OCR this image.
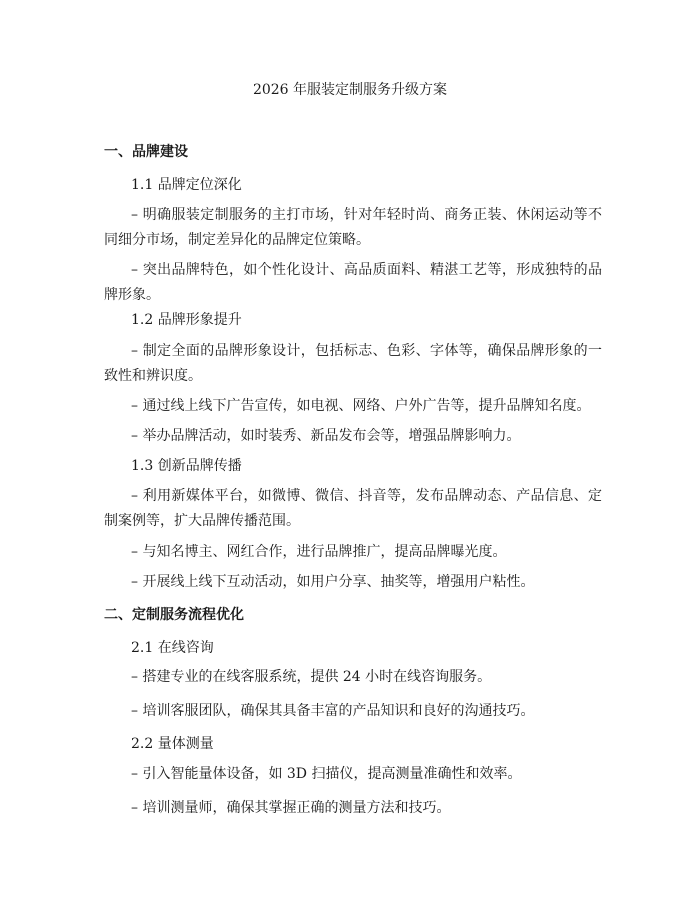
2026 年服装定制服务升级方案
一、品牌建设
1.1 品牌定位深化
– 明确服装定制服务的主打市场，针对年轻时尚、商务正装、休闲运动等不同细分市场，制定差异化的品牌定位策略。
– 突出品牌特色，如个性化设计、高品质面料、精湛工艺等，形成独特的品牌形象。
1.2 品牌形象提升
– 制定全面的品牌形象设计，包括标志、色彩、字体等，确保品牌形象的一致性和辨识度。
– 通过线上线下广告宣传，如电视、网络、户外广告等，提升品牌知名度。
– 举办品牌活动，如时装秀、新品发布会等，增强品牌影响力。
1.3 创新品牌传播
– 利用新媒体平台，如微博、微信、抖音等，发布品牌动态、产品信息、定制案例等，扩大品牌传播范围。
– 与知名博主、网红合作，进行品牌推广，提高品牌曝光度。
– 开展线上线下互动活动，如用户分享、抽奖等，增强用户粘性。
二、定制服务流程优化
2.1 在线咨询
– 搭建专业的在线客服系统，提供 24 小时在线咨询服务。
– 培训客服团队，确保其具备丰富的产品知识和良好的沟通技巧。
2.2 量体测量
– 引入智能量体设备，如 3D 扫描仪，提高测量准确性和效率。
– 培训测量师，确保其掌握正确的测量方法和技巧。
